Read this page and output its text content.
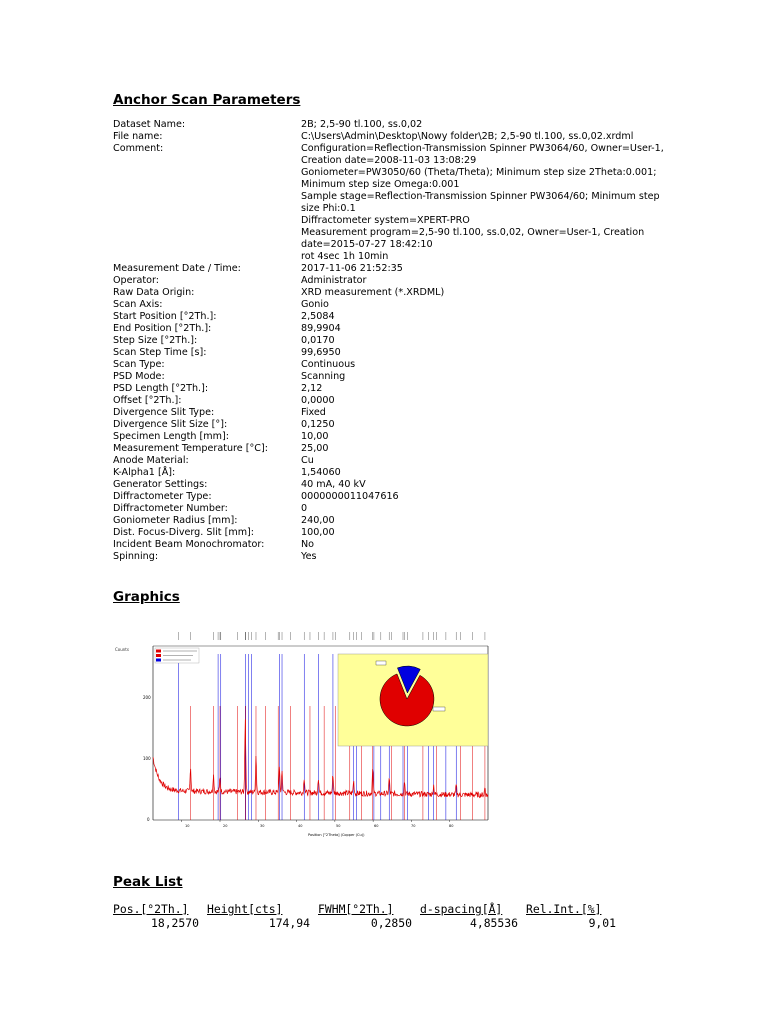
Anchor Scan Parameters
Dataset Name:	2B; 2,5-90 tl.100, ss.0,02
File name:	C:\Users\Admin\Desktop\Nowy folder\2B; 2,5-90 tl.100, ss.0,02.xrdml
Comment:	Configuration=Reflection-Transmission Spinner PW3064/60, Owner=User-1, Creation date=2008-11-03 13:08:29
Goniometer=PW3050/60 (Theta/Theta); Minimum step size 2Theta:0.001; Minimum step size Omega:0.001
Sample stage=Reflection-Transmission Spinner PW3064/60; Minimum step size Phi:0.1
Diffractometer system=XPERT-PRO
Measurement program=2,5-90 tl.100, ss.0,02, Owner=User-1, Creation date=2015-07-27 18:42:10
rot 4sec 1h 10min
Measurement Date / Time:	2017-11-06 21:52:35
Operator:	Administrator
Raw Data Origin:	XRD measurement (*.XRDML)
Scan Axis:	Gonio
Start Position [°2Th.]:	2,5084
End Position [°2Th.]:	89,9904
Step Size [°2Th.]:	0,0170
Scan Step Time [s]:	99,6950
Scan Type:	Continuous
PSD Mode:	Scanning
PSD Length [°2Th.]:	2,12
Offset [°2Th.]:	0,0000
Divergence Slit Type:	Fixed
Divergence Slit Size [°]:	0,1250
Specimen Length [mm]:	10,00
Measurement Temperature [°C]:	25,00
Anode Material:	Cu
K-Alpha1 [Å]:	1,54060
Generator Settings:	40 mA, 40 kV
Diffractometer Type:	0000000011047616
Diffractometer Number:	0
Goniometer Radius [mm]:	240,00
Dist. Focus-Diverg. Slit [mm]:	100,00
Incident Beam Monochromator:	No
Spinning:	Yes
Graphics
Counts
200
100
0
10	20	30	40	50	60	70	80
Position [°2Theta] (Copper (Cu))
Peak List
Pos.[°2Th.]	Height[cts]	FWHM[°2Th.]	d-spacing[Å]	Rel.Int.[%]
18,2570	174,94	0,2850	4,85536	9,01
